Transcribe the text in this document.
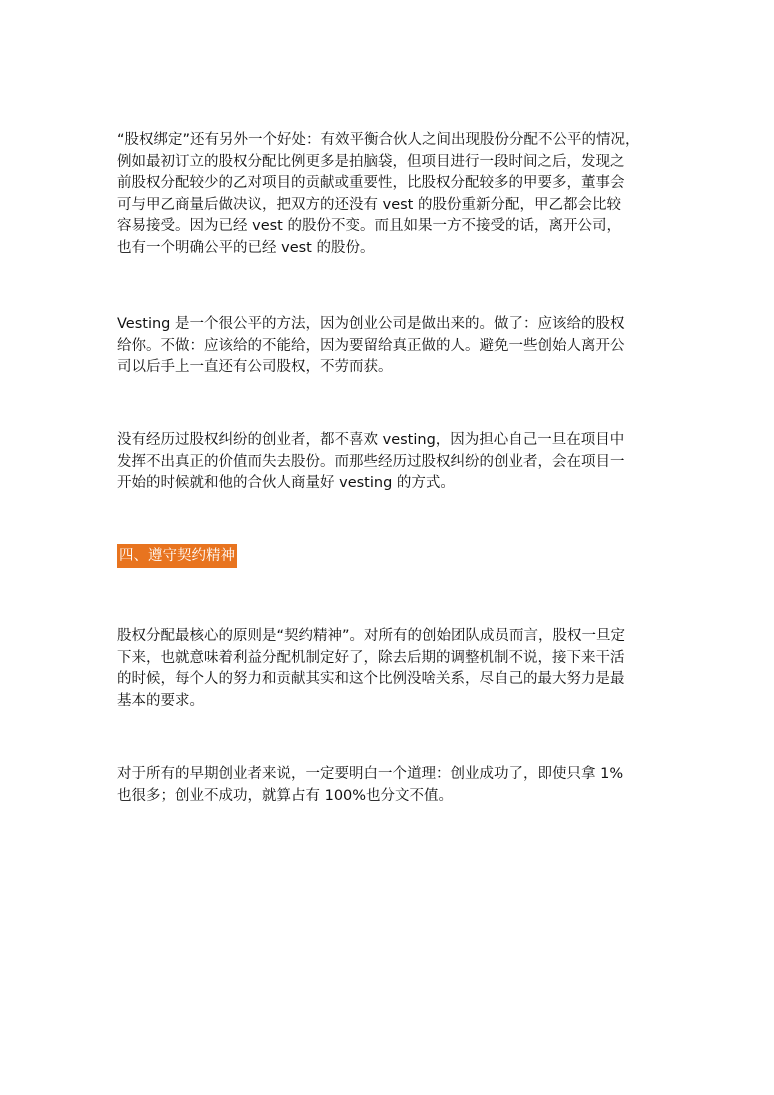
“股权绑定”还有另外一个好处：有效平衡合伙人之间出现股份分配不公平的情况，
例如最初订立的股权分配比例更多是拍脑袋，但项目进行一段时间之后，发现之
前股权分配较少的乙对项目的贡献或重要性，比股权分配较多的甲要多，董事会
可与甲乙商量后做决议，把双方的还没有 vest 的股份重新分配，甲乙都会比较
容易接受。因为已经 vest 的股份不变。而且如果一方不接受的话，离开公司，
也有一个明确公平的已经 vest 的股份。
Vesting 是一个很公平的方法，因为创业公司是做出来的。做了：应该给的股权
给你。不做：应该给的不能给，因为要留给真正做的人。避免一些创始人离开公
司以后手上一直还有公司股权，不劳而获。
没有经历过股权纠纷的创业者，都不喜欢 vesting，因为担心自己一旦在项目中
发挥不出真正的价值而失去股份。而那些经历过股权纠纷的创业者，会在项目一
开始的时候就和他的合伙人商量好 vesting 的方式。
四、遵守契约精神
股权分配最核心的原则是“契约精神”。对所有的创始团队成员而言，股权一旦定
下来，也就意味着利益分配机制定好了，除去后期的调整机制不说，接下来干活
的时候，每个人的努力和贡献其实和这个比例没啥关系，尽自己的最大努力是最
基本的要求。
对于所有的早期创业者来说，一定要明白一个道理：创业成功了，即使只拿 1%
也很多；创业不成功，就算占有 100%也分文不值。
